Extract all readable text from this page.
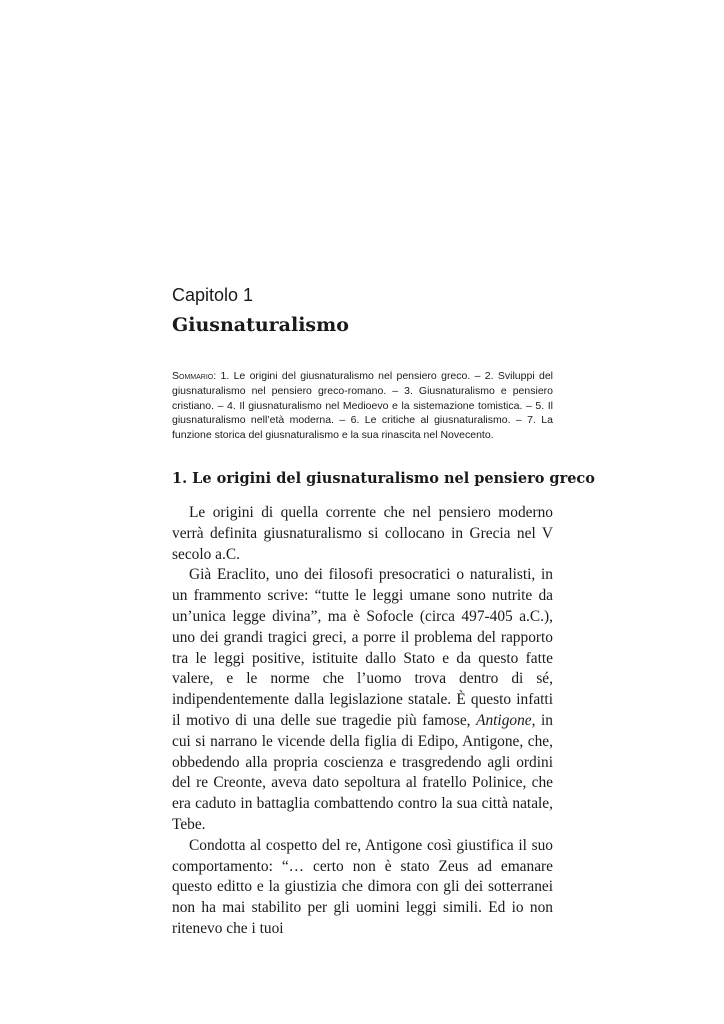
Capitolo 1
Giusnaturalismo

Sommario: 1. Le origini del giusnaturalismo nel pensiero greco. – 2. Sviluppi del giusnaturalismo nel pensiero greco-romano. – 3. Giusnaturalismo e pensiero cristiano. – 4. Il giusnaturalismo nel Medioevo e la sistemazione tomistica. – 5. Il giusnaturalismo nell’età moderna. – 6. Le critiche al giusnaturalismo. – 7. La funzione storica del giusnaturalismo e la sua rinascita nel Novecento.

1. Le origini del giusnaturalismo nel pensiero greco

Le origini di quella corrente che nel pensiero moderno verrà definita giusnaturalismo si collocano in Grecia nel V secolo a.C.

Già Eraclito, uno dei filosofi presocratici o naturalisti, in un frammento scrive: “tutte le leggi umane sono nutrite da un’unica legge divina”, ma è Sofocle (circa 497-405 a.C.), uno dei grandi tragici greci, a porre il problema del rapporto tra le leggi positive, istituite dallo Stato e da questo fatte valere, e le norme che l’uomo trova dentro di sé, indipendentemente dalla legislazione statale. È questo infatti il motivo di una delle sue tragedie più famose, Antigone, in cui si narrano le vicende della figlia di Edipo, Antigone, che, obbedendo alla propria coscienza e trasgredendo agli ordini del re Creonte, aveva dato sepoltura al fratello Polinice, che era caduto in battaglia combattendo contro la sua città natale, Tebe.

Condotta al cospetto del re, Antigone così giustifica il suo comportamento: “… certo non è stato Zeus ad emanare questo editto e la giustizia che dimora con gli dei sotterranei non ha mai stabilito per gli uomini leggi simili. Ed io non ritenevo che i tuoi
